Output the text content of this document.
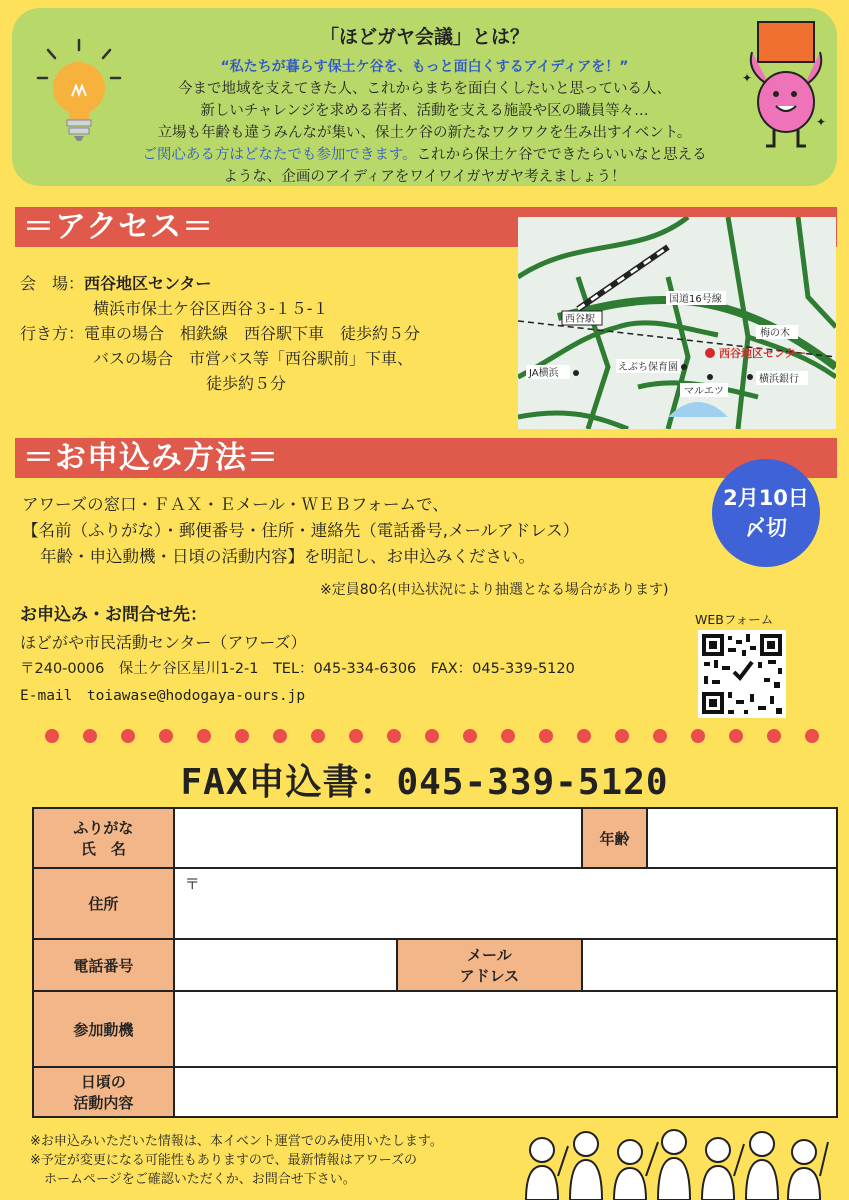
「ほどガヤ会議」とは？
“私たちが暮らす保土ケ谷を、もっと面白くするアイディアを！”
今まで地域を支えてきた人、これからまちを面白くしたいと思っている人、
新しいチャレンジを求める若者、活動を支える施設や区の職員等々…
立場も年齢も違うみんなが集い、保土ケ谷の新たなワクワクを生み出すイベント。
ご関心ある方はどなたでも参加できます。これから保土ケ谷でできたらいいなと思える
ような、企画のアイディアをワイワイガヤガヤ考えましょう！
✦
✦
＝アクセス＝
会　場：西谷地区センター
横浜市保土ケ谷区西谷３-１５-１
行き方：電車の場合　相鉄線　西谷駅下車　徒歩約５分
バスの場合　市営バス等「西谷駅前」下車、
徒歩約５分
国道16号線
西谷駅
梅の木
西谷地区センター
JA横浜
えぶち保育園
マルエツ
横浜銀行
＝お申込み方法＝
アワーズの窓口・ＦＡＸ・Ｅメール・ＷＥＢフォームで、
【名前（ふりがな）・郵便番号・住所・連絡先（電話番号,メールアドレス）
年齢・申込動機・日頃の活動内容】を明記し、お申込みください。
※定員80名(申込状況により抽選となる場合があります)
2月10日
〆切
お申込み・お問合せ先：
ほどがや市民活動センター（アワーズ）
〒240-0006　保土ケ谷区星川1-2-1　TEL：045-334-6306　FAX：045-339-5120
E-mail　toiawase@hodogaya-ours.jp
WEBフォーム
FAX申込書：045-339-5120
ふりがな
氏　名			年齢	
住所	〒			
電話番号		メール
アドレス		

参加動機				

日頃の
活動内容				

※お申込みいただいた情報は、本イベント運営でのみ使用いたします。
※予定が変更になる可能性もありますので、最新情報はアワーズの
ホームページをご確認いただくか、お問合せ下さい。
